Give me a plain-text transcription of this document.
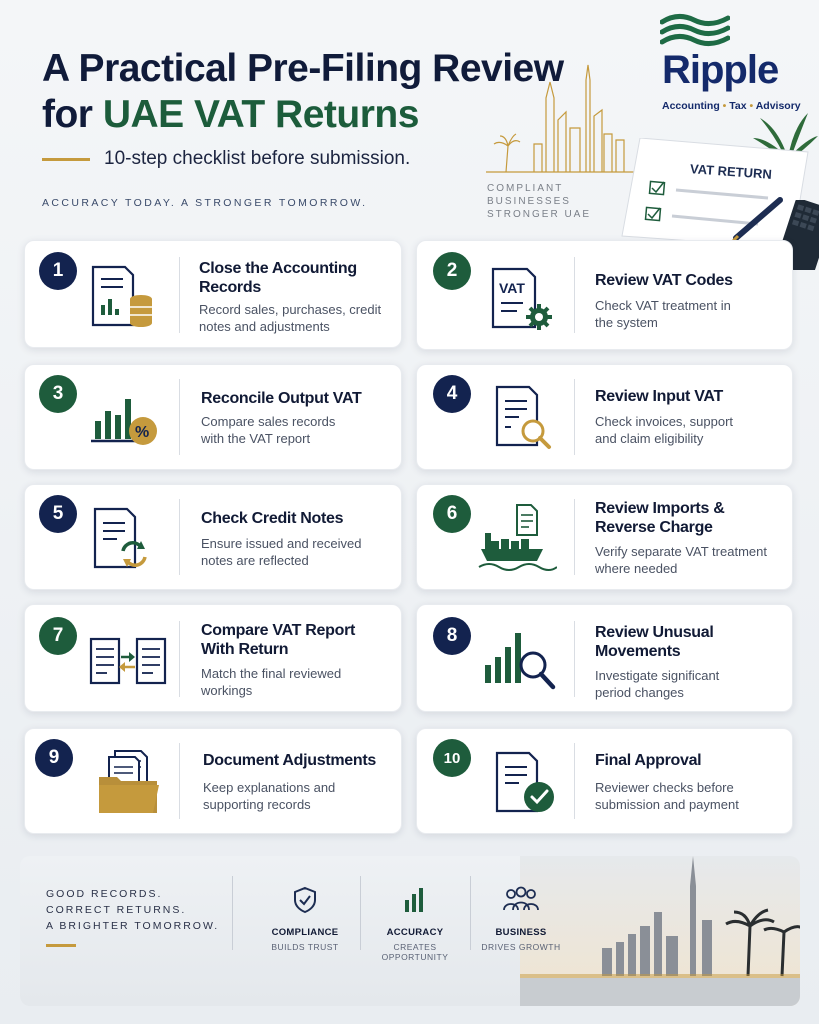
A Practical Pre-Filing Review
for UAE VAT Returns
10-step checklist before submission.
ACCURACY TODAY. A STRONGER TOMORROW.
Ripple
Accounting • Tax • Advisory
COMPLIANT
BUSINESSES
STRONGER UAE
VAT RETURN
1	Close the Accounting Records
Record sales, purchases, credit notes and adjustments
2
VAT	Review VAT Codes
Check VAT treatment in the system
3
%
Reconcile Output VAT
Compare sales records with the VAT report
4	Review Input VAT
Check invoices, support and claim eligibility
5	Check Credit Notes
Ensure issued and received notes are reflected
6	Review Imports & Reverse Charge
Verify separate VAT treatment where needed
7	Compare VAT Report With Return
Match the final reviewed workings
8	Review Unusual Movements
Investigate significant period changes
9	Document Adjustments
Keep explanations and supporting records
10	Final Approval
Reviewer checks before submission and payment
GOOD RECORDS.
CORRECT RETURNS.
A BRIGHTER TOMORROW.
COMPLIANCE
BUILDS TRUST
ACCURACY
CREATES OPPORTUNITY
BUSINESS
DRIVES GROWTH
